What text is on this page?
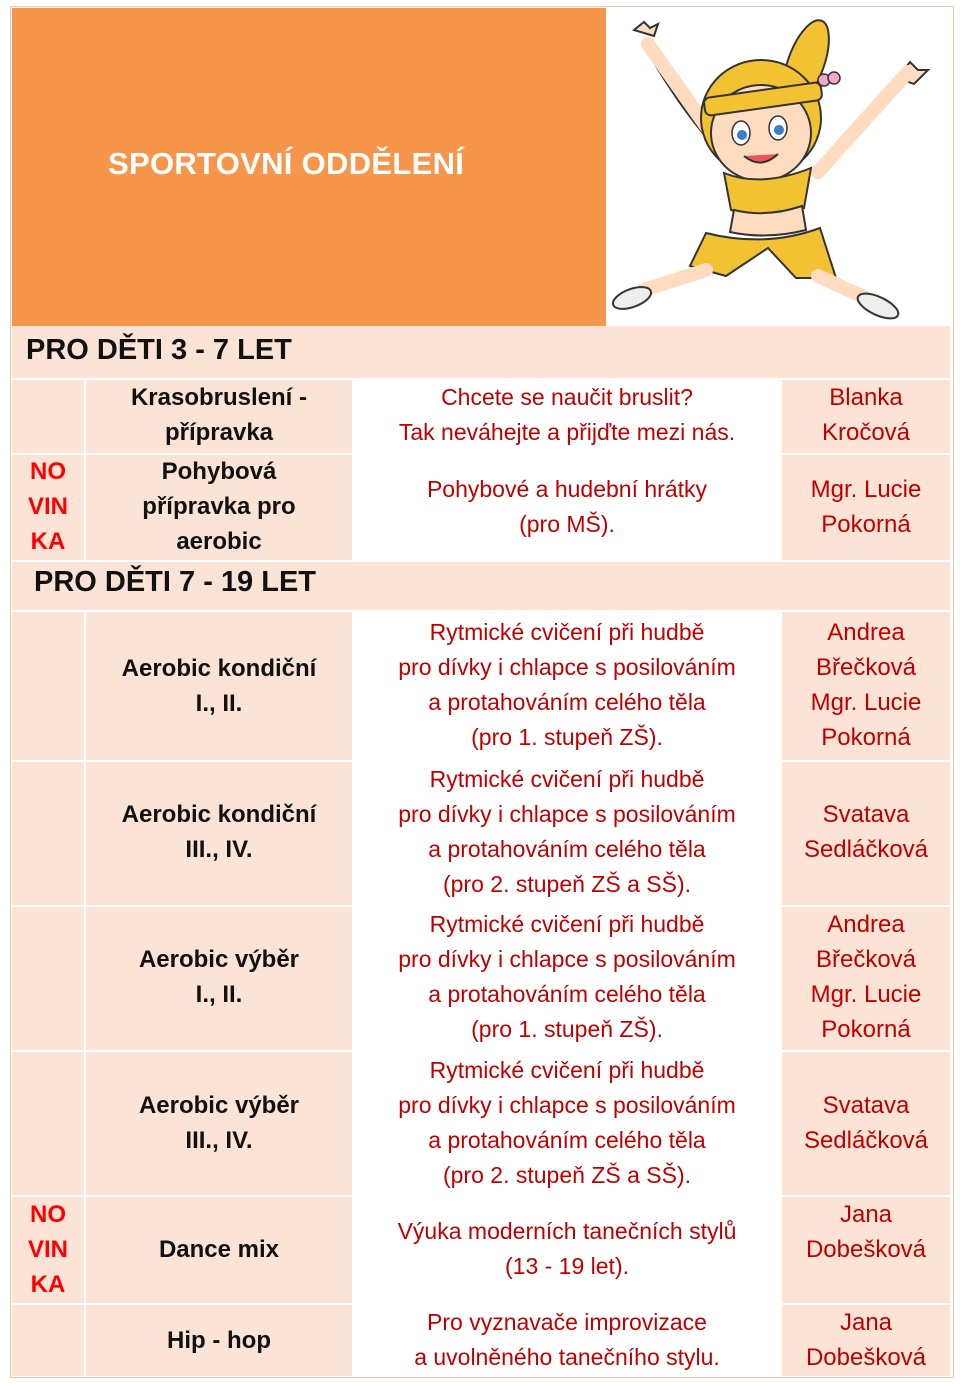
SPORTOVNÍ ODDĚLENÍ
PRO DĚTI 3 - 7 LET
Krasobruslení -
přípravka
Chcete se naučit bruslit?
Tak neváhejte a přijďte mezi nás.
Blanka
Kročová
NO
VIN
KA
Pohybová
přípravka pro
aerobic
Pohybové a hudební hrátky
(pro MŠ).
Mgr. Lucie
Pokorná
PRO DĚTI 7 - 19 LET
Aerobic kondiční
I., II.
Rytmické cvičení při hudbě
pro dívky i chlapce s posilováním
a protahováním celého těla
(pro 1. stupeň ZŠ).
Andrea
Břečková
Mgr. Lucie
Pokorná
Aerobic kondiční
III., IV.
Rytmické cvičení při hudbě
pro dívky i chlapce s posilováním
a protahováním celého těla
(pro 2. stupeň ZŠ a SŠ).
Svatava
Sedláčková
Aerobic výběr
I., II.
Rytmické cvičení při hudbě
pro dívky i chlapce s posilováním
a protahováním celého těla
(pro 1. stupeň ZŠ).
Andrea
Břečková
Mgr. Lucie
Pokorná
Aerobic výběr
III., IV.
Rytmické cvičení při hudbě
pro dívky i chlapce s posilováním
a protahováním celého těla
(pro 2. stupeň ZŠ a SŠ).
Svatava
Sedláčková
NO
VIN
KA
Dance mix
Výuka moderních tanečních stylů
(13 - 19 let).
Jana
Dobešková
Hip - hop
Pro vyznavače improvizace
a uvolněného tanečního stylu.
Jana
Dobešková
